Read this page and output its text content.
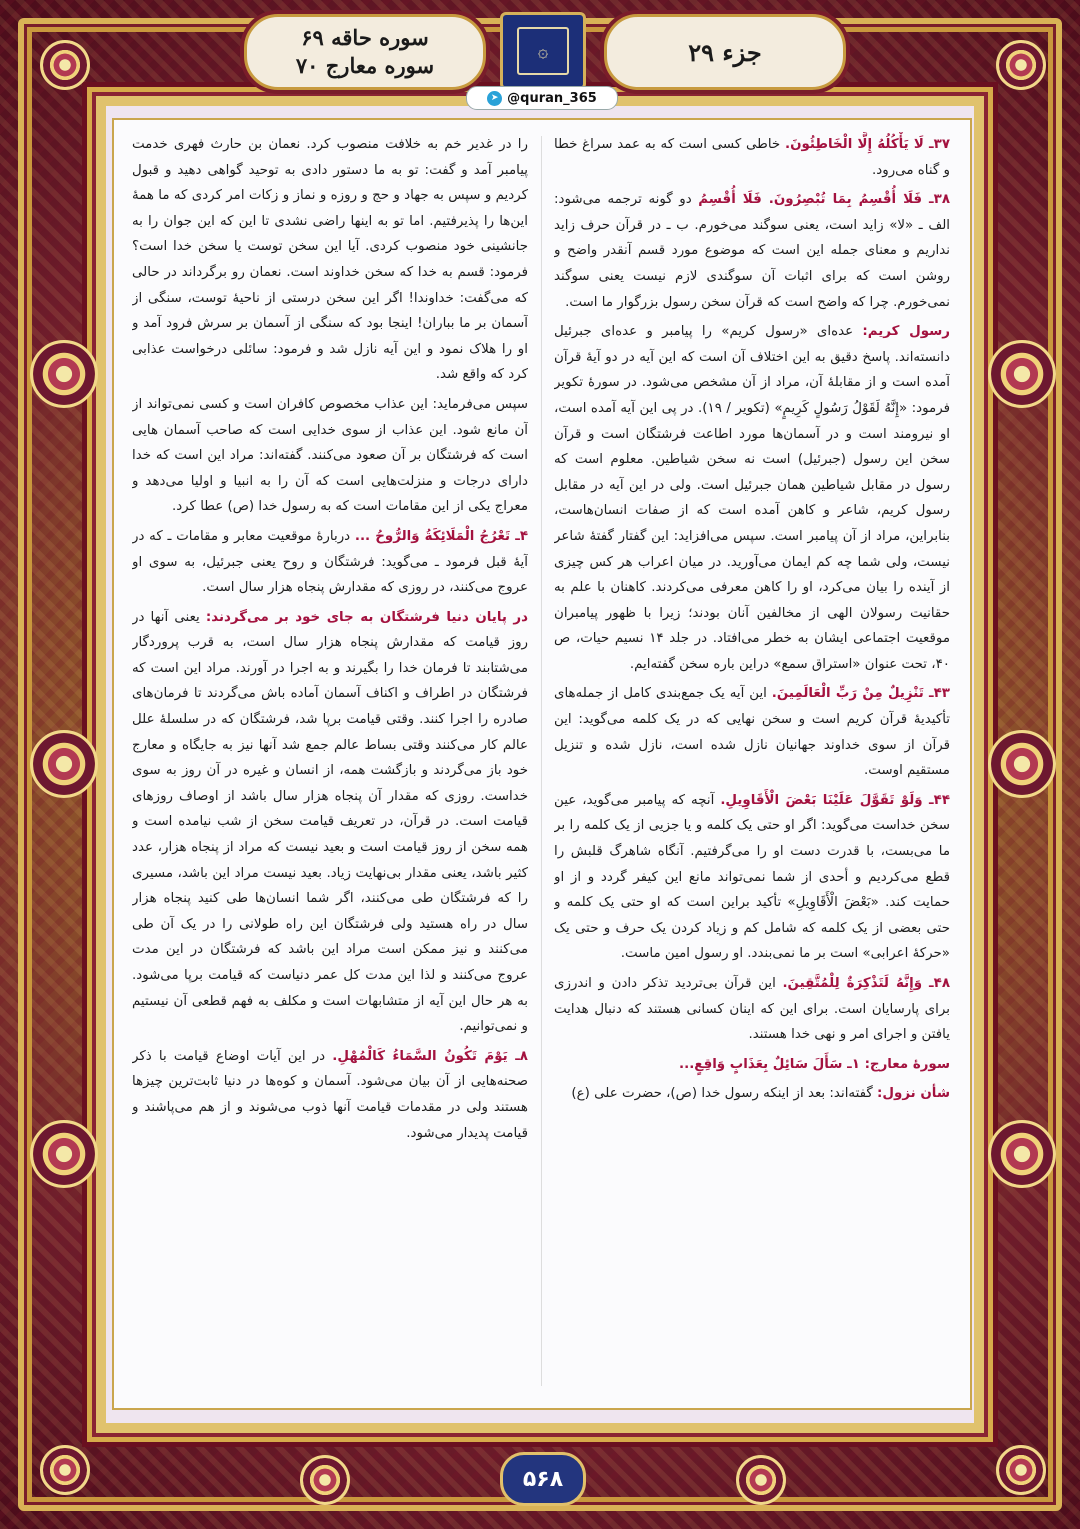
سوره حاقه ۶۹
سوره معارج ۷۰
۞	جزء ۲۹
➤ @quran_365

۳۷ـ لَا يَأْكُلُهُ إِلَّا الْخَاطِئُونَ. خاطی کسی است که به عمد سراغ خطا و گناه می‌رود.

۳۸ـ فَلَا أُقْسِمُ بِمَا تُبْصِرُونَ. فَلَا أُقْسِمُ دو گونه ترجمه می‌شود: الف ـ «لا» زاید است، یعنی سوگند می‌خورم. ب ـ در قرآن حرف زاید نداریم و معنای جمله این است که موضوع مورد قسم آنقدر واضح و روشن است که برای اثبات آن سوگندی لازم نیست یعنی سوگند نمی‌خورم. چرا که واضح است که قرآن سخن رسول بزرگوار ما است.

رسول کریم: عده‌ای «رسول کریم» را پیامبر و عده‌ای جبرئیل دانسته‌اند. پاسخ دقیق به این اختلاف آن است که این آیه در دو آیهٔ قرآن آمده است و از مقابلهٔ آن، مراد از آن مشخص می‌شود. در سورهٔ تکویر فرمود: «إِنَّهُ لَقَوْلُ رَسُولٍ كَرِيمٍ» (تکویر / ۱۹). در پی این آیه آمده است، او نیرومند است و در آسمان‌ها مورد اطاعت فرشتگان است و قرآن سخن این رسول (جبرئیل) است نه سخن شیاطین. معلوم است که رسول در مقابل شیاطین همان جبرئیل است. ولی در این آیه در مقابل رسول کریم، شاعر و کاهن آمده است که از صفات انسان‌هاست، بنابراین، مراد از آن پیامبر است. سپس می‌افزاید: این گفتار گفتهٔ شاعر نیست، ولی شما چه کم ایمان می‌آورید. در میان اعراب هر کس چیزی از آینده را بیان می‌کرد، او را کاهن معرفی می‌کردند. کاهنان با علم به حقانیت رسولان الهی از مخالفین آنان بودند؛ زیرا با ظهور پیامبران موقعیت اجتماعی ایشان به خطر می‌افتاد. در جلد ۱۴ نسیم حیات، ص ۴۰، تحت عنوان «استراق سمع» دراین باره سخن گفته‌ایم.

۴۳ـ تَنْزِيلٌ مِنْ رَبِّ الْعَالَمِينَ. این آیه یک جمع‌بندی کامل از جمله‌های تأکیدیهٔ قرآن کریم است و سخن نهایی که در یک کلمه می‌گوید: این قرآن از سوی خداوند جهانیان نازل شده است، نازل شده و تنزیل مستقیم اوست.

۴۴ـ وَلَوْ تَقَوَّلَ عَلَيْنَا بَعْضَ الْأَقَاوِيلِ. آنچه که پیامبر می‌گوید، عین سخن خداست می‌گوید: اگر او حتی یک کلمه و یا جزیی از یک کلمه را بر ما می‌بست، با قدرت دست او را می‌گرفتیم. آنگاه شاهرگ قلبش را قطع می‌کردیم و أحدی از شما نمی‌تواند مانع این کیفر گردد و از او حمایت کند. «بَعْضَ الْأَقَاوِيلِ» تأکید براین است که او حتی یک کلمه و حتی بعضی از یک کلمه که شامل کم و زیاد کردن یک حرف و حتی یک «حرکهٔ اعرابی» است بر ما نمی‌بندد. او رسول امین ماست.

۴۸ـ وَإِنَّهُ لَتَذْكِرَةٌ لِلْمُتَّقِينَ. این قرآن بی‌تردید تذکر دادن و اندرزی برای پارسایان است. برای این که اینان کسانی هستند که دنبال هدایت یافتن و اجرای امر و نهی خدا هستند.

سورهٔ معارج: ۱ـ سَأَلَ سَائِلٌ بِعَذَابٍ وَاقِعٍ...

شأن نزول: گفته‌اند: بعد از اینکه رسول خدا (ص)، حضرت علی (ع)

را در غدیر خم به خلافت منصوب کرد. نعمان بن حارث فهری خدمت پیامبر آمد و گفت: تو به ما دستور دادی به توحید گواهی دهید و قبول کردیم و سپس به جهاد و حج و روزه و نماز و زکات امر کردی که ما همهٔ این‌ها را پذیرفتیم. اما تو به اینها راضی نشدی تا این که این جوان را به جانشینی خود منصوب کردی. آیا این سخن توست یا سخن خدا است؟ فرمود: قسم به خدا که سخن خداوند است. نعمان رو برگرداند در حالی که می‌گفت: خداوندا! اگر این سخن درستی از ناحیهٔ توست، سنگی از آسمان بر ما بباران! اینجا بود که سنگی از آسمان بر سرش فرود آمد و او را هلاک نمود و این آیه نازل شد و فرمود: سائلی درخواست عذابی کرد که واقع شد.

سپس می‌فرماید: این عذاب مخصوص کافران است و کسی نمی‌تواند از آن مانع شود. این عذاب از سوی خدایی است که صاحب آسمان هایی است که فرشتگان بر آن صعود می‌کنند. گفته‌اند: مراد این است که خدا دارای درجات و منزلت‌هایی است که آن را به انبیا و اولیا می‌دهد و معراج یکی از این مقامات است که به رسول خدا (ص) عطا کرد.

۴ـ تَعْرُجُ الْمَلَائِكَةُ وَالرُّوحُ ... دربارهٔ موقعیت معابر و مقامات ـ که در آیهٔ قبل فرمود ـ می‌گوید: فرشتگان و روح یعنی جبرئیل، به سوی او عروج می‌کنند، در روزی که مقدارش پنجاه هزار سال است.

در پایان دنیا فرشتگان به جای خود بر می‌گردند: یعنی آنها در روز قیامت که مقدارش پنجاه هزار سال است، به قرب پروردگار می‌شتابند تا فرمان خدا را بگیرند و به اجرا در آورند. مراد این است که فرشتگان در اطراف و اکناف آسمان آماده باش می‌گردند تا فرمان‌های صادره را اجرا کنند. وقتی قیامت برپا شد، فرشتگان که در سلسلهٔ علل عالم کار می‌کنند وقتی بساط عالم جمع شد آنها نیز به جایگاه و معارج خود باز می‌گردند و بازگشت همه، از انسان و غیره در آن روز به سوی خداست. روزی که مقدار آن پنجاه هزار سال باشد از اوصاف روزهای قیامت است. در قرآن، در تعریف قیامت سخن از شب نیامده است و همه سخن از روز قیامت است و بعید نیست که مراد از پنجاه هزار، عدد کثیر باشد، یعنی مقدار بی‌نهایت زیاد. بعید نیست مراد این باشد، مسیری را که فرشتگان طی می‌کنند، اگر شما انسان‌ها طی کنید پنجاه هزار سال در راه هستید ولی فرشتگان این راه طولانی را در یک آن طی می‌کنند و نیز ممکن است مراد این باشد که فرشتگان در این مدت عروج می‌کنند و لذا این مدت کل عمر دنیاست که قیامت برپا می‌شود. به هر حال این آیه از متشابهات است و مکلف به فهم قطعی آن نیستیم و نمی‌توانیم.

۸ـ يَوْمَ تَكُونُ السَّمَاءُ كَالْمُهْلِ. در این آیات اوضاع قیامت با ذکر صحنه‌هایی از آن بیان می‌شود. آسمان و کوه‌ها در دنیا ثابت‌ترین چیزها هستند ولی در مقدمات قیامت آنها ذوب می‌شوند و از هم می‌پاشند و قیامت پدیدار می‌شود.

۵۶۸
